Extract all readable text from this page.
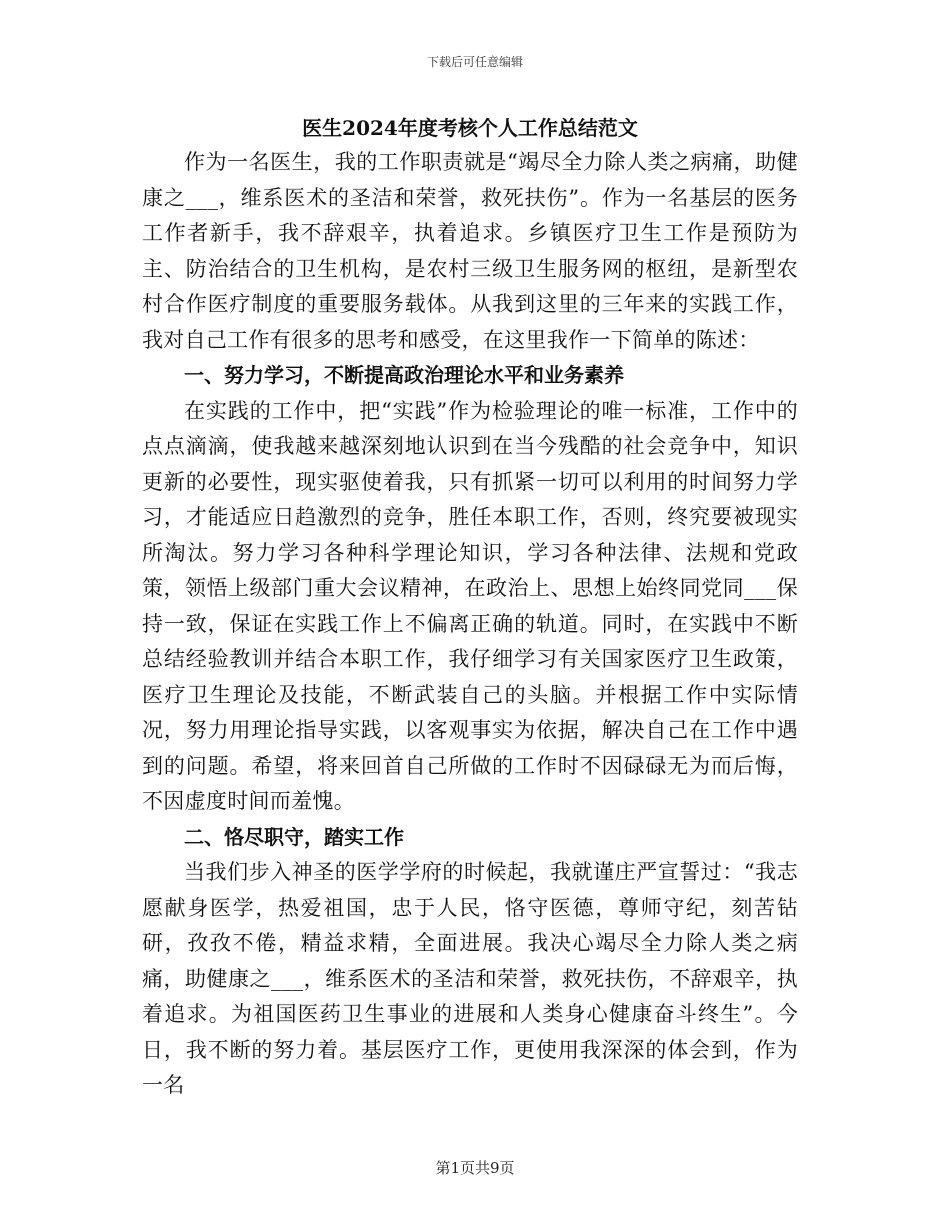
下载后可任意编辑
医生2024年度考核个人工作总结范文

作为一名医生，我的工作职责就是“竭尽全力除人类之病痛，助健康之___，维系医术的圣洁和荣誉，救死扶伤”。作为一名基层的医务工作者新手，我不辞艰辛，执着追求。乡镇医疗卫生工作是预防为主、防治结合的卫生机构，是农村三级卫生服务网的枢纽，是新型农村合作医疗制度的重要服务载体。从我到这里的三年来的实践工作，我对自己工作有很多的思考和感受，在这里我作一下简单的陈述：

一、努力学习，不断提高政治理论水平和业务素养

在实践的工作中，把“实践”作为检验理论的唯一标准，工作中的点点滴滴，使我越来越深刻地认识到在当今残酷的社会竞争中，知识更新的必要性，现实驱使着我，只有抓紧一切可以利用的时间努力学习，才能适应日趋激烈的竞争，胜任本职工作，否则，终究要被现实所淘汰。努力学习各种科学理论知识，学习各种法律、法规和党政策，领悟上级部门重大会议精神，在政治上、思想上始终同党同___保持一致，保证在实践工作上不偏离正确的轨道。同时，在实践中不断总结经验教训并结合本职工作，我仔细学习有关国家医疗卫生政策，医疗卫生理论及技能，不断武装自己的头脑。并根据工作中实际情况，努力用理论指导实践，以客观事实为依据，解决自己在工作中遇到的问题。希望，将来回首自己所做的工作时不因碌碌无为而后悔，不因虚度时间而羞愧。

二、恪尽职守，踏实工作

当我们步入神圣的医学学府的时候起，我就谨庄严宣誓过：“我志愿献身医学，热爱祖国，忠于人民，恪守医德，尊师守纪，刻苦钻研，孜孜不倦，精益求精，全面进展。我决心竭尽全力除人类之病痛，助健康之___，维系医术的圣洁和荣誉，救死扶伤，不辞艰辛，执着追求。为祖国医药卫生事业的进展和人类身心健康奋斗终生”。今日，我不断的努力着。基层医疗工作，更使用我深深的体会到，作为一名

第1页共9页
